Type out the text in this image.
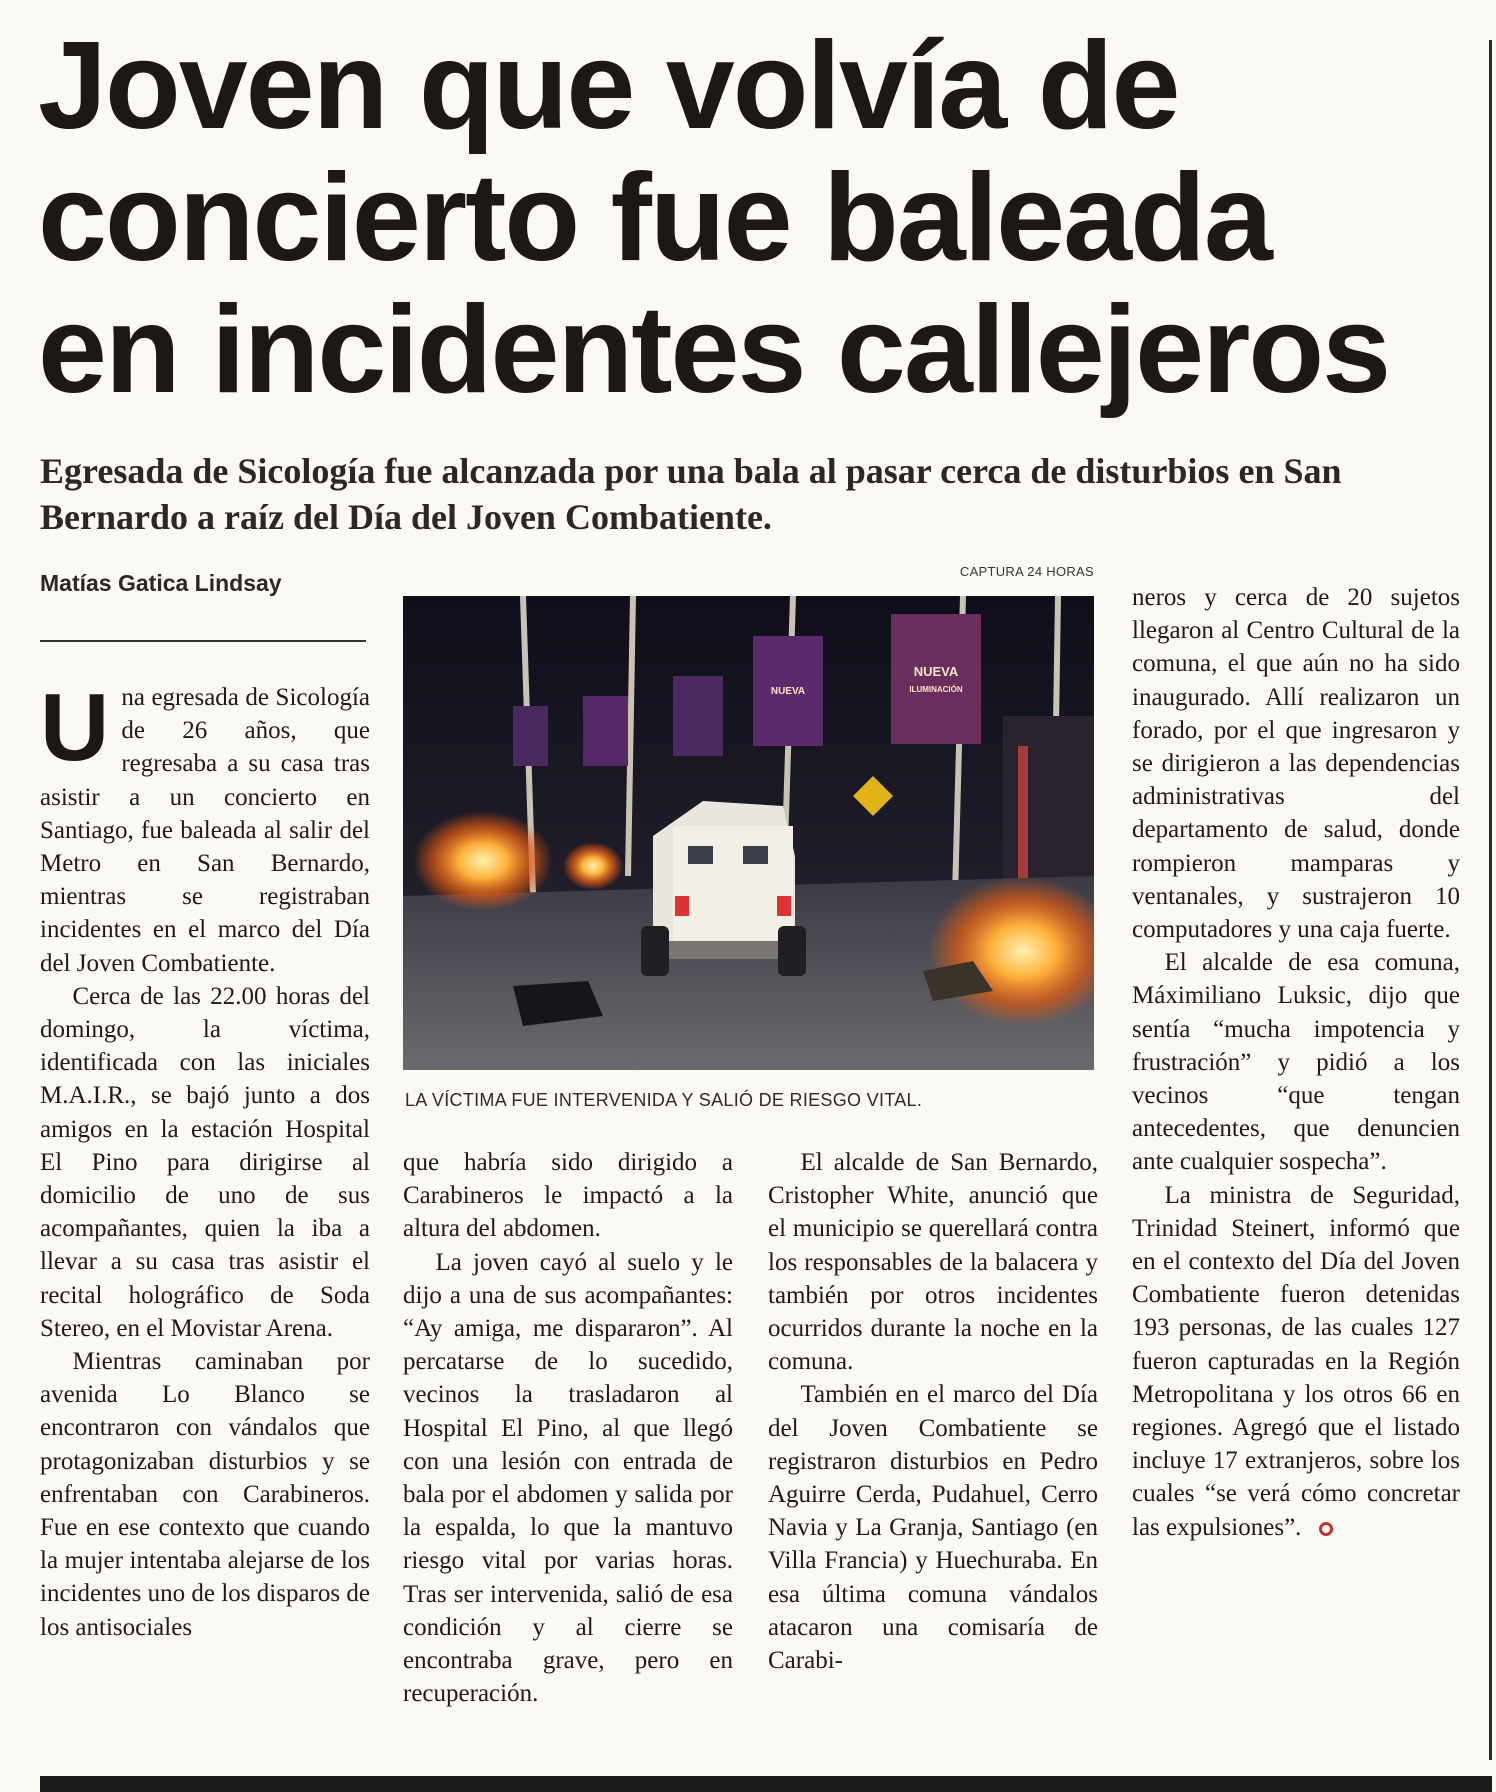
Joven que volvía de
concierto fue baleada
en incidentes callejeros

Egresada de Sicología fue alcanzada por una bala al pasar cerca de disturbios en San Bernardo a raíz del Día del Joven Combatiente.

Matías Gatica Lindsay	CAPTURA 24 HORAS
NUEVA
ILUMINACIÓN
NUEVA
LA VÍCTIMA FUE INTERVENIDA Y SALIÓ DE RIESGO VITAL.
U na egresada de Sicología de 26 años, que regresaba a su casa tras asistir a un concierto en Santiago, fue baleada al salir del Metro en San Bernardo, mientras se registraban incidentes en el marco del Día del Joven Combatiente.

Cerca de las 22.00 horas del domingo, la víctima, identificada con las iniciales M.A.I.R., se bajó junto a dos amigos en la estación Hospital El Pino para dirigirse al domicilio de uno de sus acompañantes, quien la iba a llevar a su casa tras asistir el recital holográfico de Soda Stereo, en el Movistar Arena.

Mientras caminaban por avenida Lo Blanco se encontraron con vándalos que protagonizaban disturbios y se enfrentaban con Carabineros. Fue en ese contexto que cuando la mujer intentaba alejarse de los incidentes uno de los disparos de los antisociales

que habría sido dirigido a Carabineros le impactó a la altura del abdomen.

La joven cayó al suelo y le dijo a una de sus acompañantes: “Ay amiga, me dispararon”. Al percatarse de lo sucedido, vecinos la trasladaron al Hospital El Pino, al que llegó con una lesión con entrada de bala por el abdomen y salida por la espalda, lo que la mantuvo riesgo vital por varias horas. Tras ser intervenida, salió de esa condición y al cierre se encontraba grave, pero en recuperación.

El alcalde de San Bernardo, Cristopher White, anunció que el municipio se querellará contra los responsables de la balacera y también por otros incidentes ocurridos durante la noche en la comuna.

También en el marco del Día del Joven Combatiente se registraron disturbios en Pedro Aguirre Cerda, Pudahuel, Cerro Navia y La Granja, Santiago (en Villa Francia) y Huechuraba. En esa última comuna vándalos atacaron una comisaría de Carabi-

neros y cerca de 20 sujetos llegaron al Centro Cultural de la comuna, el que aún no ha sido inaugurado. Allí realizaron un forado, por el que ingresaron y se dirigieron a las dependencias administrativas del departamento de salud, donde rompieron mamparas y ventanales, y sustrajeron 10 computadores y una caja fuerte.

El alcalde de esa comuna, Máximiliano Luksic, dijo que sentía “mucha impotencia y frustración” y pidió a los vecinos “que tengan antecedentes, que denuncien ante cualquier sospecha”.

La ministra de Seguridad, Trinidad Steinert, informó que en el contexto del Día del Joven Combatiente fueron detenidas 193 personas, de las cuales 127 fueron capturadas en la Región Metropolitana y los otros 66 en regiones. Agregó que el listado incluye 17 extranjeros, sobre los cuales “se verá cómo concretar las expulsiones”.
